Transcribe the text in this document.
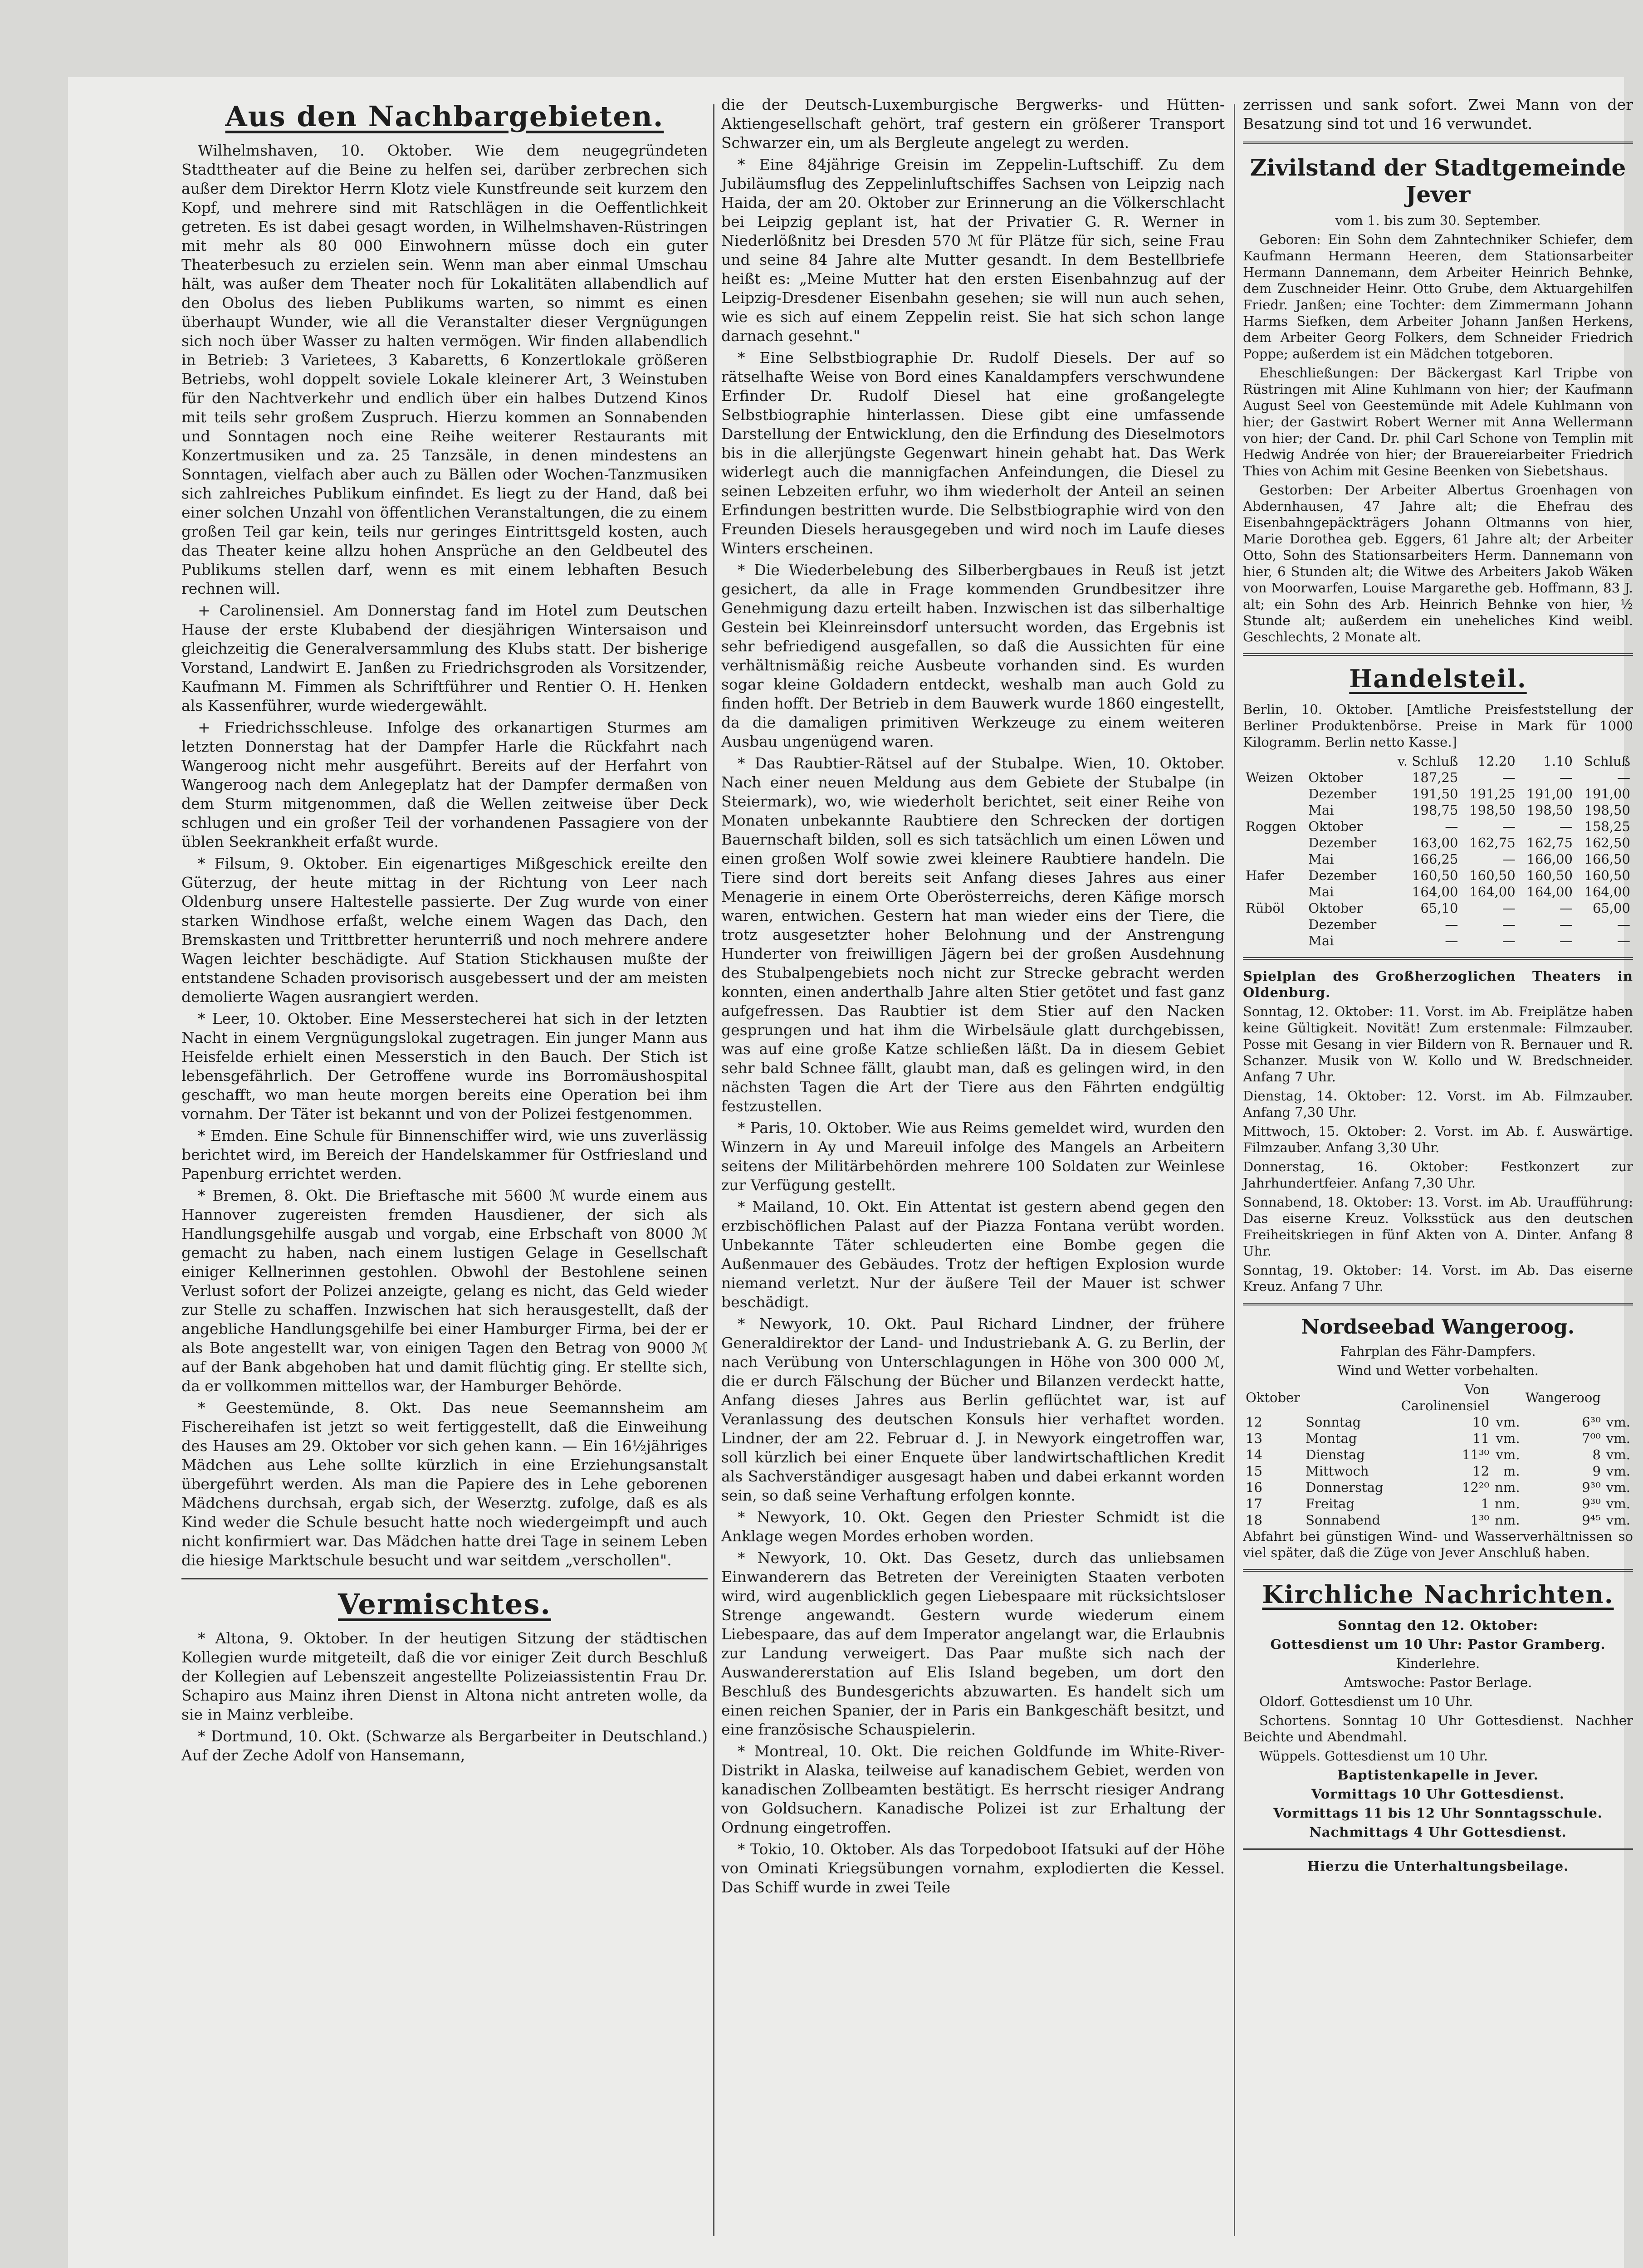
Aus den Nachbargebieten.

Wilhelmshaven, 10. Oktober. Wie dem neugegründeten Stadttheater auf die Beine zu helfen sei, darüber zerbrechen sich außer dem Direktor Herrn Klotz viele Kunstfreunde seit kurzem den Kopf, und mehrere sind mit Ratschlägen in die Oeffentlichkeit getreten. Es ist dabei gesagt worden, in Wilhelmshaven-Rüstringen mit mehr als 80 000 Einwohnern müsse doch ein guter Theaterbesuch zu erzielen sein. Wenn man aber einmal Umschau hält, was außer dem Theater noch für Lokalitäten allabendlich auf den Obolus des lieben Publikums warten, so nimmt es einen überhaupt Wunder, wie all die Veranstalter dieser Vergnügungen sich noch über Wasser zu halten vermögen. Wir finden allabendlich in Betrieb: 3 Varietees, 3 Kabaretts, 6 Konzertlokale größeren Betriebs, wohl doppelt soviele Lokale kleinerer Art, 3 Weinstuben für den Nachtverkehr und endlich über ein halbes Dutzend Kinos mit teils sehr großem Zuspruch. Hierzu kommen an Sonnabenden und Sonntagen noch eine Reihe weiterer Restaurants mit Konzertmusiken und za. 25 Tanzsäle, in denen mindestens an Sonntagen, vielfach aber auch zu Bällen oder Wochen-Tanzmusiken sich zahlreiches Publikum einfindet. Es liegt zu der Hand, daß bei einer solchen Unzahl von öffentlichen Veranstaltungen, die zu einem großen Teil gar kein, teils nur geringes Eintrittsgeld kosten, auch das Theater keine allzu hohen Ansprüche an den Geldbeutel des Publikums stellen darf, wenn es mit einem lebhaften Besuch rechnen will.

+ Carolinensiel. Am Donnerstag fand im Hotel zum Deutschen Hause der erste Klubabend der diesjährigen Wintersaison und gleichzeitig die Generalversammlung des Klubs statt. Der bisherige Vorstand, Landwirt E. Janßen zu Friedrichsgroden als Vorsitzender, Kaufmann M. Fimmen als Schriftführer und Rentier O. H. Henken als Kassenführer, wurde wiedergewählt.

+ Friedrichsschleuse. Infolge des orkanartigen Sturmes am letzten Donnerstag hat der Dampfer Harle die Rückfahrt nach Wangeroog nicht mehr ausgeführt. Bereits auf der Herfahrt von Wangeroog nach dem Anlegeplatz hat der Dampfer dermaßen von dem Sturm mitgenommen, daß die Wellen zeitweise über Deck schlugen und ein großer Teil der vorhandenen Passagiere von der üblen Seekrankheit erfaßt wurde.

* Filsum, 9. Oktober. Ein eigenartiges Mißgeschick ereilte den Güterzug, der heute mittag in der Richtung von Leer nach Oldenburg unsere Haltestelle passierte. Der Zug wurde von einer starken Windhose erfaßt, welche einem Wagen das Dach, den Bremskasten und Trittbretter herunterriß und noch mehrere andere Wagen leichter beschädigte. Auf Station Stickhausen mußte der entstandene Schaden provisorisch ausgebessert und der am meisten demolierte Wagen ausrangiert werden.

* Leer, 10. Oktober. Eine Messerstecherei hat sich in der letzten Nacht in einem Vergnügungslokal zugetragen. Ein junger Mann aus Heisfelde erhielt einen Messerstich in den Bauch. Der Stich ist lebensgefährlich. Der Getroffene wurde ins Borromäushospital geschafft, wo man heute morgen bereits eine Operation bei ihm vornahm. Der Täter ist bekannt und von der Polizei festgenommen.

* Emden. Eine Schule für Binnenschiffer wird, wie uns zuverlässig berichtet wird, im Bereich der Handelskammer für Ostfriesland und Papenburg errichtet werden.

* Bremen, 8. Okt. Die Brieftasche mit 5600 ℳ wurde einem aus Hannover zugereisten fremden Hausdiener, der sich als Handlungsgehilfe ausgab und vorgab, eine Erbschaft von 8000 ℳ gemacht zu haben, nach einem lustigen Gelage in Gesellschaft einiger Kellnerinnen gestohlen. Obwohl der Bestohlene seinen Verlust sofort der Polizei anzeigte, gelang es nicht, das Geld wieder zur Stelle zu schaffen. Inzwischen hat sich herausgestellt, daß der angebliche Handlungsgehilfe bei einer Hamburger Firma, bei der er als Bote angestellt war, von einigen Tagen den Betrag von 9000 ℳ auf der Bank abgehoben hat und damit flüchtig ging. Er stellte sich, da er vollkommen mittellos war, der Hamburger Behörde.

* Geestemünde, 8. Okt. Das neue Seemannsheim am Fischereihafen ist jetzt so weit fertiggestellt, daß die Einweihung des Hauses am 29. Oktober vor sich gehen kann. — Ein 16½jähriges Mädchen aus Lehe sollte kürzlich in eine Erziehungsanstalt übergeführt werden. Als man die Papiere des in Lehe geborenen Mädchens durchsah, ergab sich, der Weserztg. zufolge, daß es als Kind weder die Schule besucht hatte noch wiedergeimpft und auch nicht konfirmiert war. Das Mädchen hatte drei Tage in seinem Leben die hiesige Marktschule besucht und war seitdem „verschollen".

Vermischtes.

* Altona, 9. Oktober. In der heutigen Sitzung der städtischen Kollegien wurde mitgeteilt, daß die vor einiger Zeit durch Beschluß der Kollegien auf Lebenszeit angestellte Polizeiassistentin Frau Dr. Schapiro aus Mainz ihren Dienst in Altona nicht antreten wolle, da sie in Mainz verbleibe.

* Dortmund, 10. Okt. (Schwarze als Bergarbeiter in Deutschland.) Auf der Zeche Adolf von Hansemann,

die der Deutsch-Luxemburgische Bergwerks- und Hütten-Aktiengesellschaft gehört, traf gestern ein größerer Transport Schwarzer ein, um als Bergleute angelegt zu werden.

* Eine 84jährige Greisin im Zeppelin-Luftschiff. Zu dem Jubiläumsflug des Zeppelinluftschiffes Sachsen von Leipzig nach Haida, der am 20. Oktober zur Erinnerung an die Völkerschlacht bei Leipzig geplant ist, hat der Privatier G. R. Werner in Niederlößnitz bei Dresden 570 ℳ für Plätze für sich, seine Frau und seine 84 Jahre alte Mutter gesandt. In dem Bestellbriefe heißt es: „Meine Mutter hat den ersten Eisenbahnzug auf der Leipzig-Dresdener Eisenbahn gesehen; sie will nun auch sehen, wie es sich auf einem Zeppelin reist. Sie hat sich schon lange darnach gesehnt."

* Eine Selbstbiographie Dr. Rudolf Diesels. Der auf so rätselhafte Weise von Bord eines Kanaldampfers verschwundene Erfinder Dr. Rudolf Diesel hat eine großangelegte Selbstbiographie hinterlassen. Diese gibt eine umfassende Darstellung der Entwicklung, den die Erfindung des Dieselmotors bis in die allerjüngste Gegenwart hinein gehabt hat. Das Werk widerlegt auch die mannigfachen Anfeindungen, die Diesel zu seinen Lebzeiten erfuhr, wo ihm wiederholt der Anteil an seinen Erfindungen bestritten wurde. Die Selbstbiographie wird von den Freunden Diesels herausgegeben und wird noch im Laufe dieses Winters erscheinen.

* Die Wiederbelebung des Silberbergbaues in Reuß ist jetzt gesichert, da alle in Frage kommenden Grundbesitzer ihre Genehmigung dazu erteilt haben. Inzwischen ist das silberhaltige Gestein bei Kleinreinsdorf untersucht worden, das Ergebnis ist sehr befriedigend ausgefallen, so daß die Aussichten für eine verhältnismäßig reiche Ausbeute vorhanden sind. Es wurden sogar kleine Goldadern entdeckt, weshalb man auch Gold zu finden hofft. Der Betrieb in dem Bauwerk wurde 1860 eingestellt, da die damaligen primitiven Werkzeuge zu einem weiteren Ausbau ungenügend waren.

* Das Raubtier-Rätsel auf der Stubalpe. Wien, 10. Oktober. Nach einer neuen Meldung aus dem Gebiete der Stubalpe (in Steiermark), wo, wie wiederholt berichtet, seit einer Reihe von Monaten unbekannte Raubtiere den Schrecken der dortigen Bauernschaft bilden, soll es sich tatsächlich um einen Löwen und einen großen Wolf sowie zwei kleinere Raubtiere handeln. Die Tiere sind dort bereits seit Anfang dieses Jahres aus einer Menagerie in einem Orte Oberösterreichs, deren Käfige morsch waren, entwichen. Gestern hat man wieder eins der Tiere, die trotz ausgesetzter hoher Belohnung und der Anstrengung Hunderter von freiwilligen Jägern bei der großen Ausdehnung des Stubalpengebiets noch nicht zur Strecke gebracht werden konnten, einen anderthalb Jahre alten Stier getötet und fast ganz aufgefressen. Das Raubtier ist dem Stier auf den Nacken gesprungen und hat ihm die Wirbelsäule glatt durchgebissen, was auf eine große Katze schließen läßt. Da in diesem Gebiet sehr bald Schnee fällt, glaubt man, daß es gelingen wird, in den nächsten Tagen die Art der Tiere aus den Fährten endgültig festzustellen.

* Paris, 10. Oktober. Wie aus Reims gemeldet wird, wurden den Winzern in Ay und Mareuil infolge des Mangels an Arbeitern seitens der Militärbehörden mehrere 100 Soldaten zur Weinlese zur Verfügung gestellt.

* Mailand, 10. Okt. Ein Attentat ist gestern abend gegen den erzbischöflichen Palast auf der Piazza Fontana verübt worden. Unbekannte Täter schleuderten eine Bombe gegen die Außenmauer des Gebäudes. Trotz der heftigen Explosion wurde niemand verletzt. Nur der äußere Teil der Mauer ist schwer beschädigt.

* Newyork, 10. Okt. Paul Richard Lindner, der frühere Generaldirektor der Land- und Industriebank A. G. zu Berlin, der nach Verübung von Unterschlagungen in Höhe von 300 000 ℳ, die er durch Fälschung der Bücher und Bilanzen verdeckt hatte, Anfang dieses Jahres aus Berlin geflüchtet war, ist auf Veranlassung des deutschen Konsuls hier verhaftet worden. Lindner, der am 22. Februar d. J. in Newyork eingetroffen war, soll kürzlich bei einer Enquete über landwirtschaftlichen Kredit als Sachverständiger ausgesagt haben und dabei erkannt worden sein, so daß seine Verhaftung erfolgen konnte.

* Newyork, 10. Okt. Gegen den Priester Schmidt ist die Anklage wegen Mordes erhoben worden.

* Newyork, 10. Okt. Das Gesetz, durch das unliebsamen Einwanderern das Betreten der Vereinigten Staaten verboten wird, wird augenblicklich gegen Liebespaare mit rücksichtsloser Strenge angewandt. Gestern wurde wiederum einem Liebespaare, das auf dem Imperator angelangt war, die Erlaubnis zur Landung verweigert. Das Paar mußte sich nach der Auswandererstation auf Elis Island begeben, um dort den Beschluß des Bundesgerichts abzuwarten. Es handelt sich um einen reichen Spanier, der in Paris ein Bankgeschäft besitzt, und eine französische Schauspielerin.

* Montreal, 10. Okt. Die reichen Goldfunde im White-River-Distrikt in Alaska, teilweise auf kanadischem Gebiet, werden von kanadischen Zollbeamten bestätigt. Es herrscht riesiger Andrang von Goldsuchern. Kanadische Polizei ist zur Erhaltung der Ordnung eingetroffen.

* Tokio, 10. Oktober. Als das Torpedoboot Ifatsuki auf der Höhe von Ominati Kriegsübungen vornahm, explodierten die Kessel. Das Schiff wurde in zwei Teile

zerrissen und sank sofort. Zwei Mann von der Besatzung sind tot und 16 verwundet.

Zivilstand der Stadtgemeinde Jever

vom 1. bis zum 30. September.

Geboren: Ein Sohn dem Zahntechniker Schiefer, dem Kaufmann Hermann Heeren, dem Stationsarbeiter Hermann Dannemann, dem Arbeiter Heinrich Behnke, dem Zuschneider Heinr. Otto Grube, dem Aktuargehilfen Friedr. Janßen; eine Tochter: dem Zimmermann Johann Harms Siefken, dem Arbeiter Johann Janßen Herkens, dem Arbeiter Georg Folkers, dem Schneider Friedrich Poppe; außerdem ist ein Mädchen totgeboren.

Eheschließungen: Der Bäckergast Karl Tripbe von Rüstringen mit Aline Kuhlmann von hier; der Kaufmann August Seel von Geestemünde mit Adele Kuhlmann von hier; der Gastwirt Robert Werner mit Anna Wellermann von hier; der Cand. Dr. phil Carl Schone von Templin mit Hedwig Andrée von hier; der Brauereiarbeiter Friedrich Thies von Achim mit Gesine Beenken von Siebetshaus.

Gestorben: Der Arbeiter Albertus Groenhagen von Abdernhausen, 47 Jahre alt; die Ehefrau des Eisenbahngepäckträgers Johann Oltmanns von hier, Marie Dorothea geb. Eggers, 61 Jahre alt; der Arbeiter Otto, Sohn des Stationsarbeiters Herm. Dannemann von hier, 6 Stunden alt; die Witwe des Arbeiters Jakob Wäken von Moorwarfen, Louise Margarethe geb. Hoffmann, 83 J. alt; ein Sohn des Arb. Heinrich Behnke von hier, ½ Stunde alt; außerdem ein uneheliches Kind weibl. Geschlechts, 2 Monate alt.

Handelsteil.

Berlin, 10. Oktober. [Amtliche Preisfeststellung der Berliner Produktenbörse. Preise in Mark für 1000 Kilogramm. Berlin netto Kasse.]

		v. Schluß	12.20	1.10	Schluß
Weizen	Oktober	187,25	—	—	—
	Dezember	191,50	191,25	191,00	191,00
	Mai	198,75	198,50	198,50	198,50
Roggen	Oktober	—	—	—	158,25
	Dezember	163,00	162,75	162,75	162,50
	Mai	166,25	—	166,00	166,50
Hafer	Dezember	160,50	160,50	160,50	160,50
	Mai	164,00	164,00	164,00	164,00
Rüböl	Oktober	65,10	—	—	65,00
	Dezember	—	—	—	—
	Mai	—	—	—	—

Spielplan des Großherzoglichen Theaters in Oldenburg.

Sonntag, 12. Oktober: 11. Vorst. im Ab. Freiplätze haben keine Gültigkeit. Novität! Zum erstenmale: Filmzauber. Posse mit Gesang in vier Bildern von R. Bernauer und R. Schanzer. Musik von W. Kollo und W. Bredschneider. Anfang 7 Uhr.

Dienstag, 14. Oktober: 12. Vorst. im Ab. Filmzauber. Anfang 7,30 Uhr.

Mittwoch, 15. Oktober: 2. Vorst. im Ab. f. Auswärtige. Filmzauber. Anfang 3,30 Uhr.

Donnerstag, 16. Oktober: Festkonzert zur Jahrhundertfeier. Anfang 7,30 Uhr.

Sonnabend, 18. Oktober: 13. Vorst. im Ab. Uraufführung: Das eiserne Kreuz. Volksstück aus den deutschen Freiheitskriegen in fünf Akten von A. Dinter. Anfang 8 Uhr.

Sonntag, 19. Oktober: 14. Vorst. im Ab. Das eiserne Kreuz. Anfang 7 Uhr.

Nordseebad Wangeroog.

Fahrplan des Fähr-Dampfers.

Wind und Wetter vorbehalten.

Oktober		Von Carolinensiel		Wangeroog	
12	Sonntag	10	vm.	6³⁰	vm.
13	Montag	11	vm.	7⁰⁰	vm.
14	Dienstag	11³⁰	vm.	8	vm.
15	Mittwoch	12	m.	9	vm.
16	Donnerstag	12²⁰	nm.	9³⁰	vm.
17	Freitag	1	nm.	9³⁰	vm.
18	Sonnabend	1³⁰	nm.	9⁴⁵	vm.

Abfahrt bei günstigen Wind- und Wasserverhältnissen so viel später, daß die Züge von Jever Anschluß haben.

Kirchliche Nachrichten.

Sonntag den 12. Oktober:

Gottesdienst um 10 Uhr: Pastor Gramberg.

Kinderlehre.

Amtswoche: Pastor Berlage.

Oldorf. Gottesdienst um 10 Uhr.

Schortens. Sonntag 10 Uhr Gottesdienst. Nachher Beichte und Abendmahl.

Wüppels. Gottesdienst um 10 Uhr.

Baptistenkapelle in Jever.

Vormittags 10 Uhr Gottesdienst.

Vormittags 11 bis 12 Uhr Sonntagsschule.

Nachmittags 4 Uhr Gottesdienst.

Hierzu die Unterhaltungsbeilage.
